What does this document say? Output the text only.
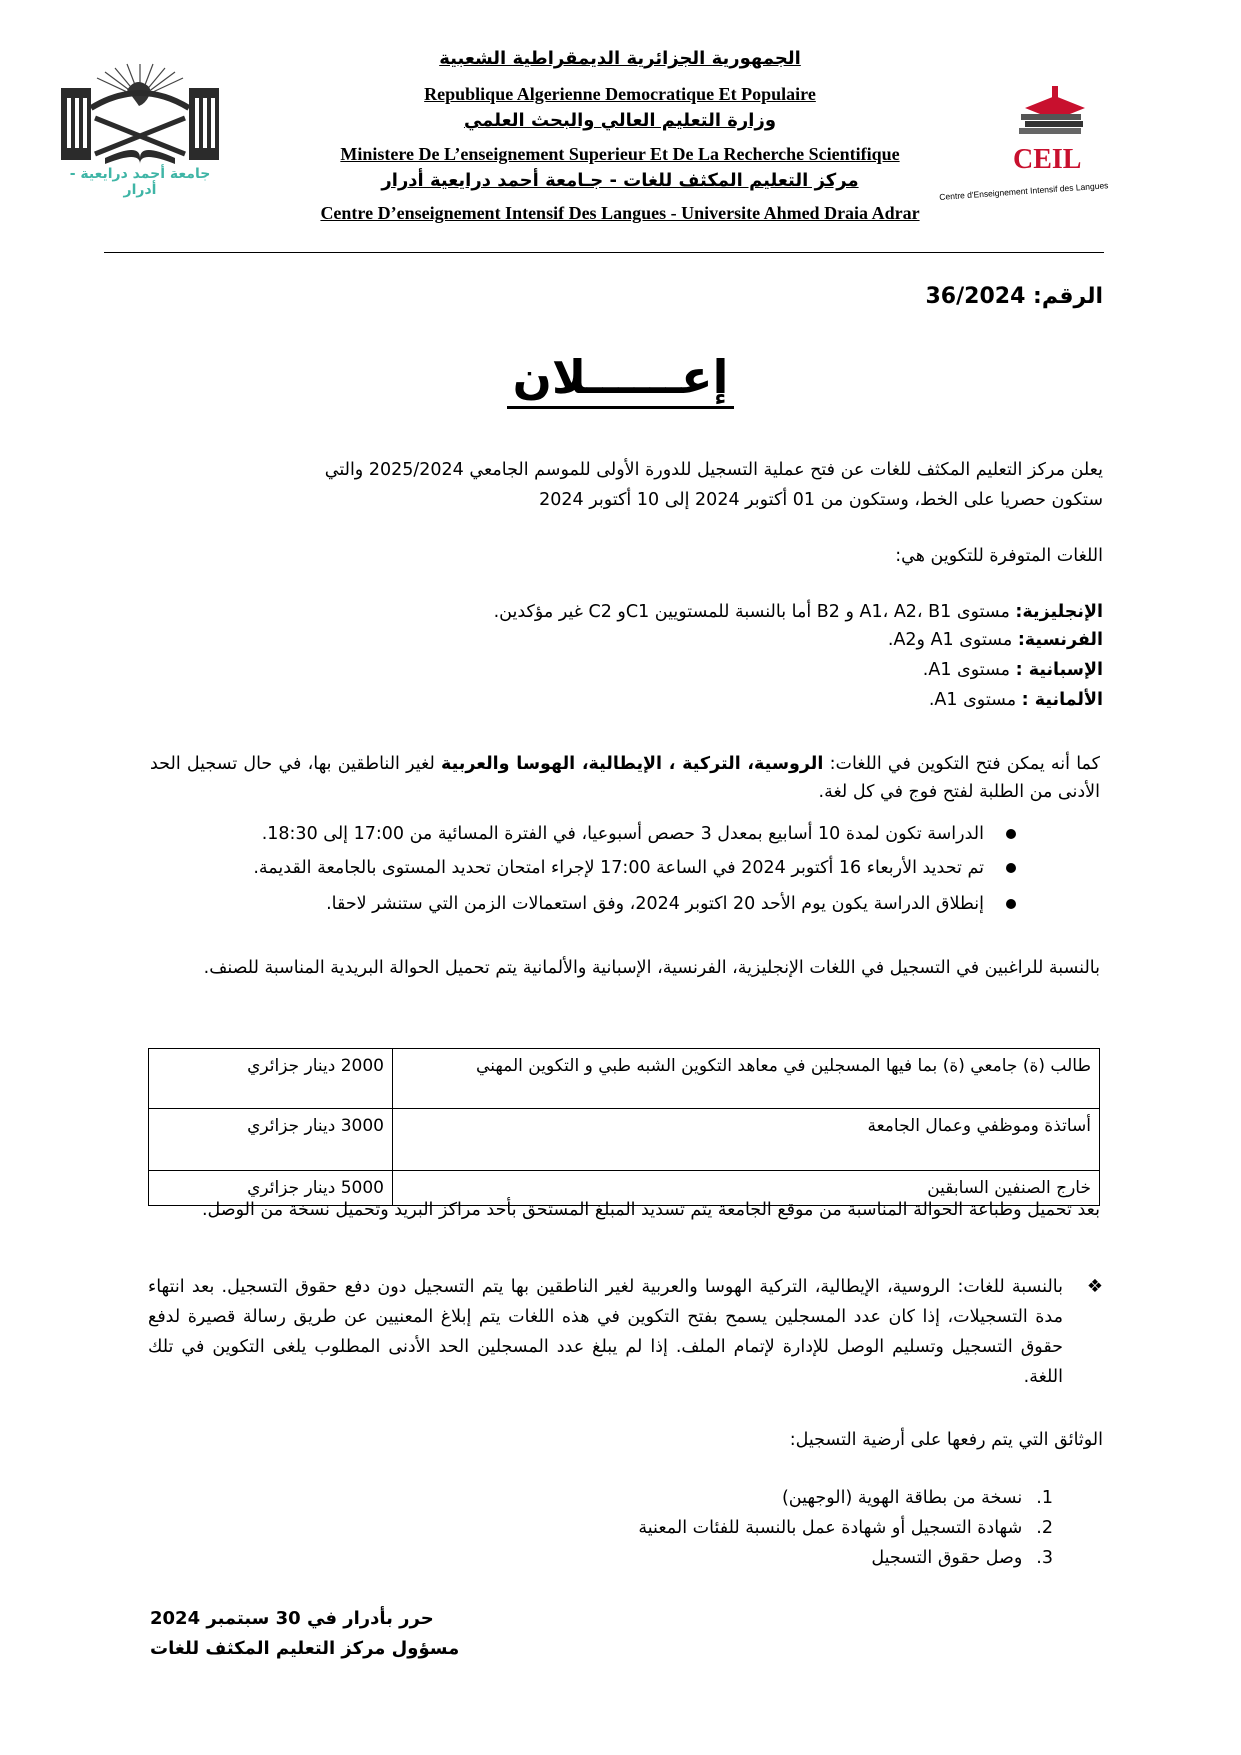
جامعة أحمد درايعية - أدرار
CEIL
Centre d'Enseignement Intensif des Langues
الجمهورية الجزائرية الديمقراطية الشعبية
Republique Algerienne Democratique Et Populaire
وزارة التعليم العالي والبحث العلمي
Ministere De L’enseignement Superieur Et De La Recherche Scientifique
مركز التعليم المكثف للغات - جـامعة أحمد درايعية أدرار
Centre D’enseignement Intensif Des Langues - Universite Ahmed Draia Adrar
الرقم: 36/2024
إعــــــلان
يعلن مركز التعليم المكثف للغات عن فتح عملية التسجيل للدورة الأولى للموسم الجامعي 2025/2024 والتي
ستكون حصريا على الخط، وستكون من 01 أكتوبر 2024 إلى 10 أكتوبر 2024
اللغات المتوفرة للتكوين هي:
الإنجليزية: مستوى A1، A2، B1 و B2 أما بالنسبة للمستويين C1و C2 غير مؤكدين.
الفرنسية: مستوى A1 وA2.
الإسبانية : مستوى A1.
الألمانية : مستوى A1.
كما أنه يمكن فتح التكوين في اللغات: الروسية، التركية ، الإيطالية، الهوسا والعربية لغير الناطقين بها، في حال تسجيل الحد الأدنى من الطلبة لفتح فوج في كل لغة.
الدراسة تكون لمدة 10 أسابيع بمعدل 3 حصص أسبوعيا، في الفترة المسائية من 17:00 إلى 18:30.
تم تحديد الأربعاء 16 أكتوبر 2024 في الساعة 17:00 لإجراء امتحان تحديد المستوى بالجامعة القديمة.
إنطلاق الدراسة يكون يوم الأحد 20 اكتوبر 2024، وفق استعمالات الزمن التي ستنشر لاحقا.
بالنسبة للراغبين في التسجيل في اللغات الإنجليزية، الفرنسية، الإسبانية والألمانية يتم تحميل الحوالة البريدية المناسبة للصنف.
طالب (ة) جامعي (ة) بما فيها المسجلين في معاهد التكوين الشبه طبي و التكوين المهني	2000 دينار جزائري
أساتذة وموظفي وعمال الجامعة	3000 دينار جزائري
خارج الصنفين السابقين	5000 دينار جزائري
بعد تحميل وطباعة الحوالة المناسبة من موقع الجامعة يتم تسديد المبلغ المستحق بأحد مراكز البريد وتحميل نسخة من الوصل.
❖
بالنسبة للغات: الروسية، الإيطالية، التركية الهوسا والعربية لغير الناطقين بها يتم التسجيل دون دفع حقوق التسجيل. بعد انتهاء مدة التسجيلات، إذا كان عدد المسجلين يسمح بفتح التكوين في هذه اللغات يتم إبلاغ المعنيين عن طريق رسالة قصيرة لدفع حقوق التسجيل وتسليم الوصل للإدارة لإتمام الملف. إذا لم يبلغ عدد المسجلين الحد الأدنى المطلوب يلغى التكوين في تلك اللغة.
الوثائق التي يتم رفعها على أرضية التسجيل:
1.نسخة من بطاقة الهوية (الوجهين)
2.شهادة التسجيل أو شهادة عمل بالنسبة للفئات المعنية
3.وصل حقوق التسجيل
حرر بأدرار في 30 سبتمبر 2024
مسؤول مركز التعليم المكثف للغات
